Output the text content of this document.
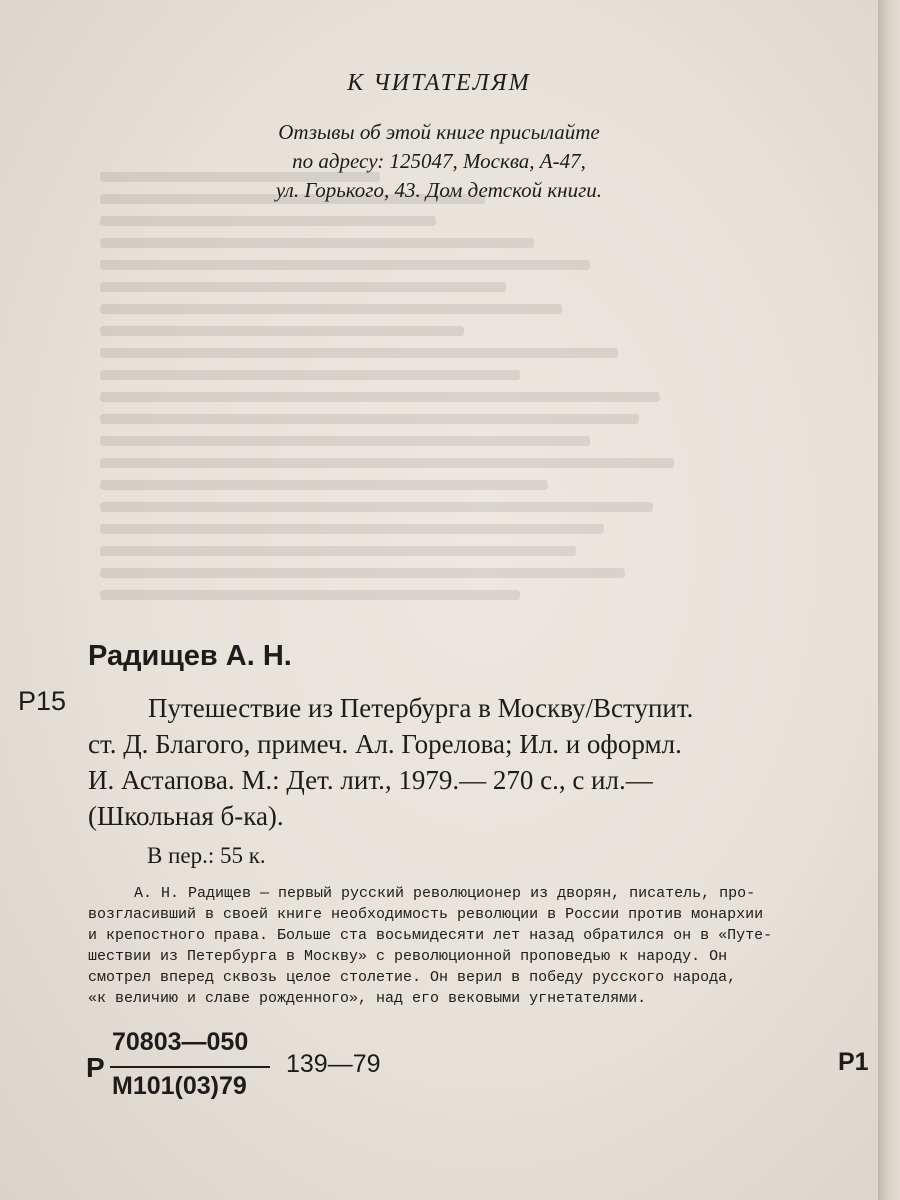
К ЧИТАТЕЛЯМ
Отзывы об этой книге присылайте
по адресу: 125047, Москва, А-47,
ул. Горького, 43. Дом детской книги.
Радищев А. Н.
Р15	Путешествие из Петербурга в Москву/Вступит.
ст. Д. Благого, примеч. Ал. Горелова; Ил. и оформл.
И. Астапова. М.: Дет. лит., 1979.— 270 с., с ил.—
(Школьная б-ка).
В пер.: 55 к.
А. Н. Радищев — первый русский революционер из дворян, писатель, про-
возгласивший в своей книге необходимость революции в России против монархии
и крепостного права. Больше ста восьмидесяти лет назад обратился он в «Путе-
шествии из Петербурга в Москву» с революционной проповедью к народу. Он
смотрел вперед сквозь целое столетие. Он верил в победу русского народа,
«к величию и славе рожденного», над его вековыми угнетателями.
Р
70803—050
М101(03)79
139—79	Р1
